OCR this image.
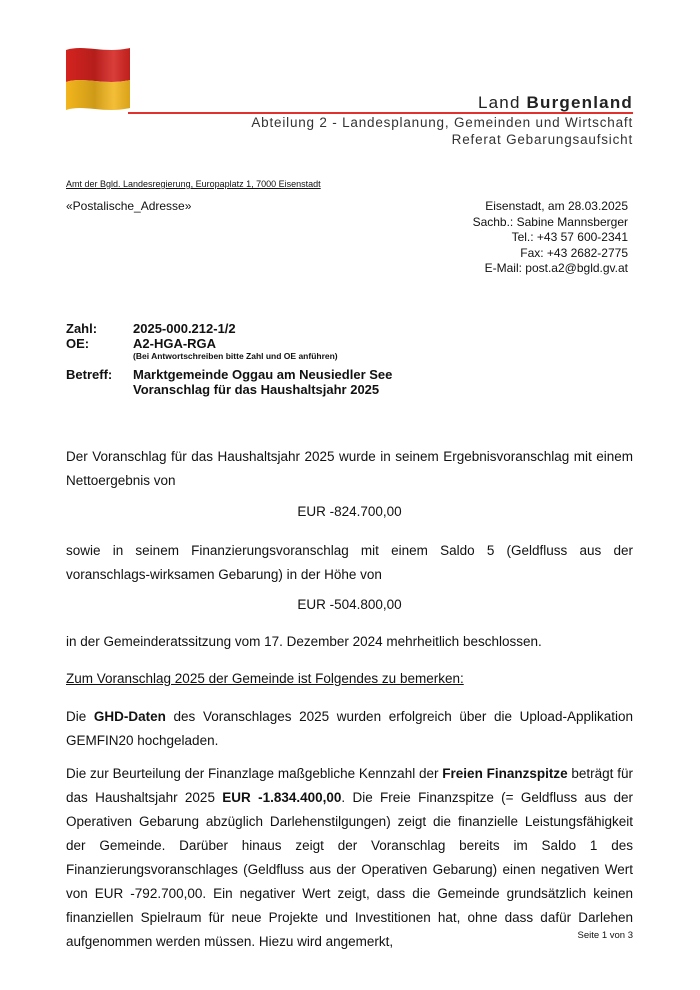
Land Burgenland
Abteilung 2 - Landesplanung, Gemeinden und Wirtschaft
Referat Gebarungsaufsicht
Amt der Bgld. Landesregierung, Europaplatz 1, 7000 Eisenstadt
«Postalische_Adresse»	Eisenstadt, am 28.03.2025
Sachb.: Sabine Mannsberger
Tel.: +43 57 600-2341
Fax: +43 2682-2775
E-Mail: post.a2@bgld.gv.at
Zahl:	2025-000.212-1/2
OE:	A2-HGA-RGA
(Bei Antwortschreiben bitte Zahl und OE anführen)
Betreff: Marktgemeinde Oggau am Neusiedler See
Voranschlag für das Haushaltsjahr 2025
Der Voranschlag für das Haushaltsjahr 2025 wurde in seinem Ergebnisvoranschlag mit einem Nettoergebnis von
EUR -824.700,00
sowie in seinem Finanzierungsvoranschlag mit einem Saldo 5 (Geldfluss aus der voranschlags-wirksamen Gebarung) in der Höhe von
EUR -504.800,00
in der Gemeinderatssitzung vom 17. Dezember 2024 mehrheitlich beschlossen.
Zum Voranschlag 2025 der Gemeinde ist Folgendes zu bemerken:
Die GHD-Daten des Voranschlages 2025 wurden erfolgreich über die Upload-Applikation GEMFIN20 hochgeladen.
Die zur Beurteilung der Finanzlage maßgebliche Kennzahl der Freien Finanzspitze beträgt für das Haushaltsjahr 2025 EUR -1.834.400,00. Die Freie Finanzspitze (= Geldfluss aus der Operativen Gebarung abzüglich Darlehenstilgungen) zeigt die finanzielle Leistungsfähigkeit der Gemeinde. Darüber hinaus zeigt der Voranschlag bereits im Saldo 1 des Finanzierungsvoranschlages (Geldfluss aus der Operativen Gebarung) einen negativen Wert von EUR -792.700,00. Ein negativer Wert zeigt, dass die Gemeinde grundsätzlich keinen finanziellen Spielraum für neue Projekte und Investitionen hat, ohne dass dafür Darlehen aufgenommen werden müssen. Hiezu wird angemerkt,	Seite 1 von 3
